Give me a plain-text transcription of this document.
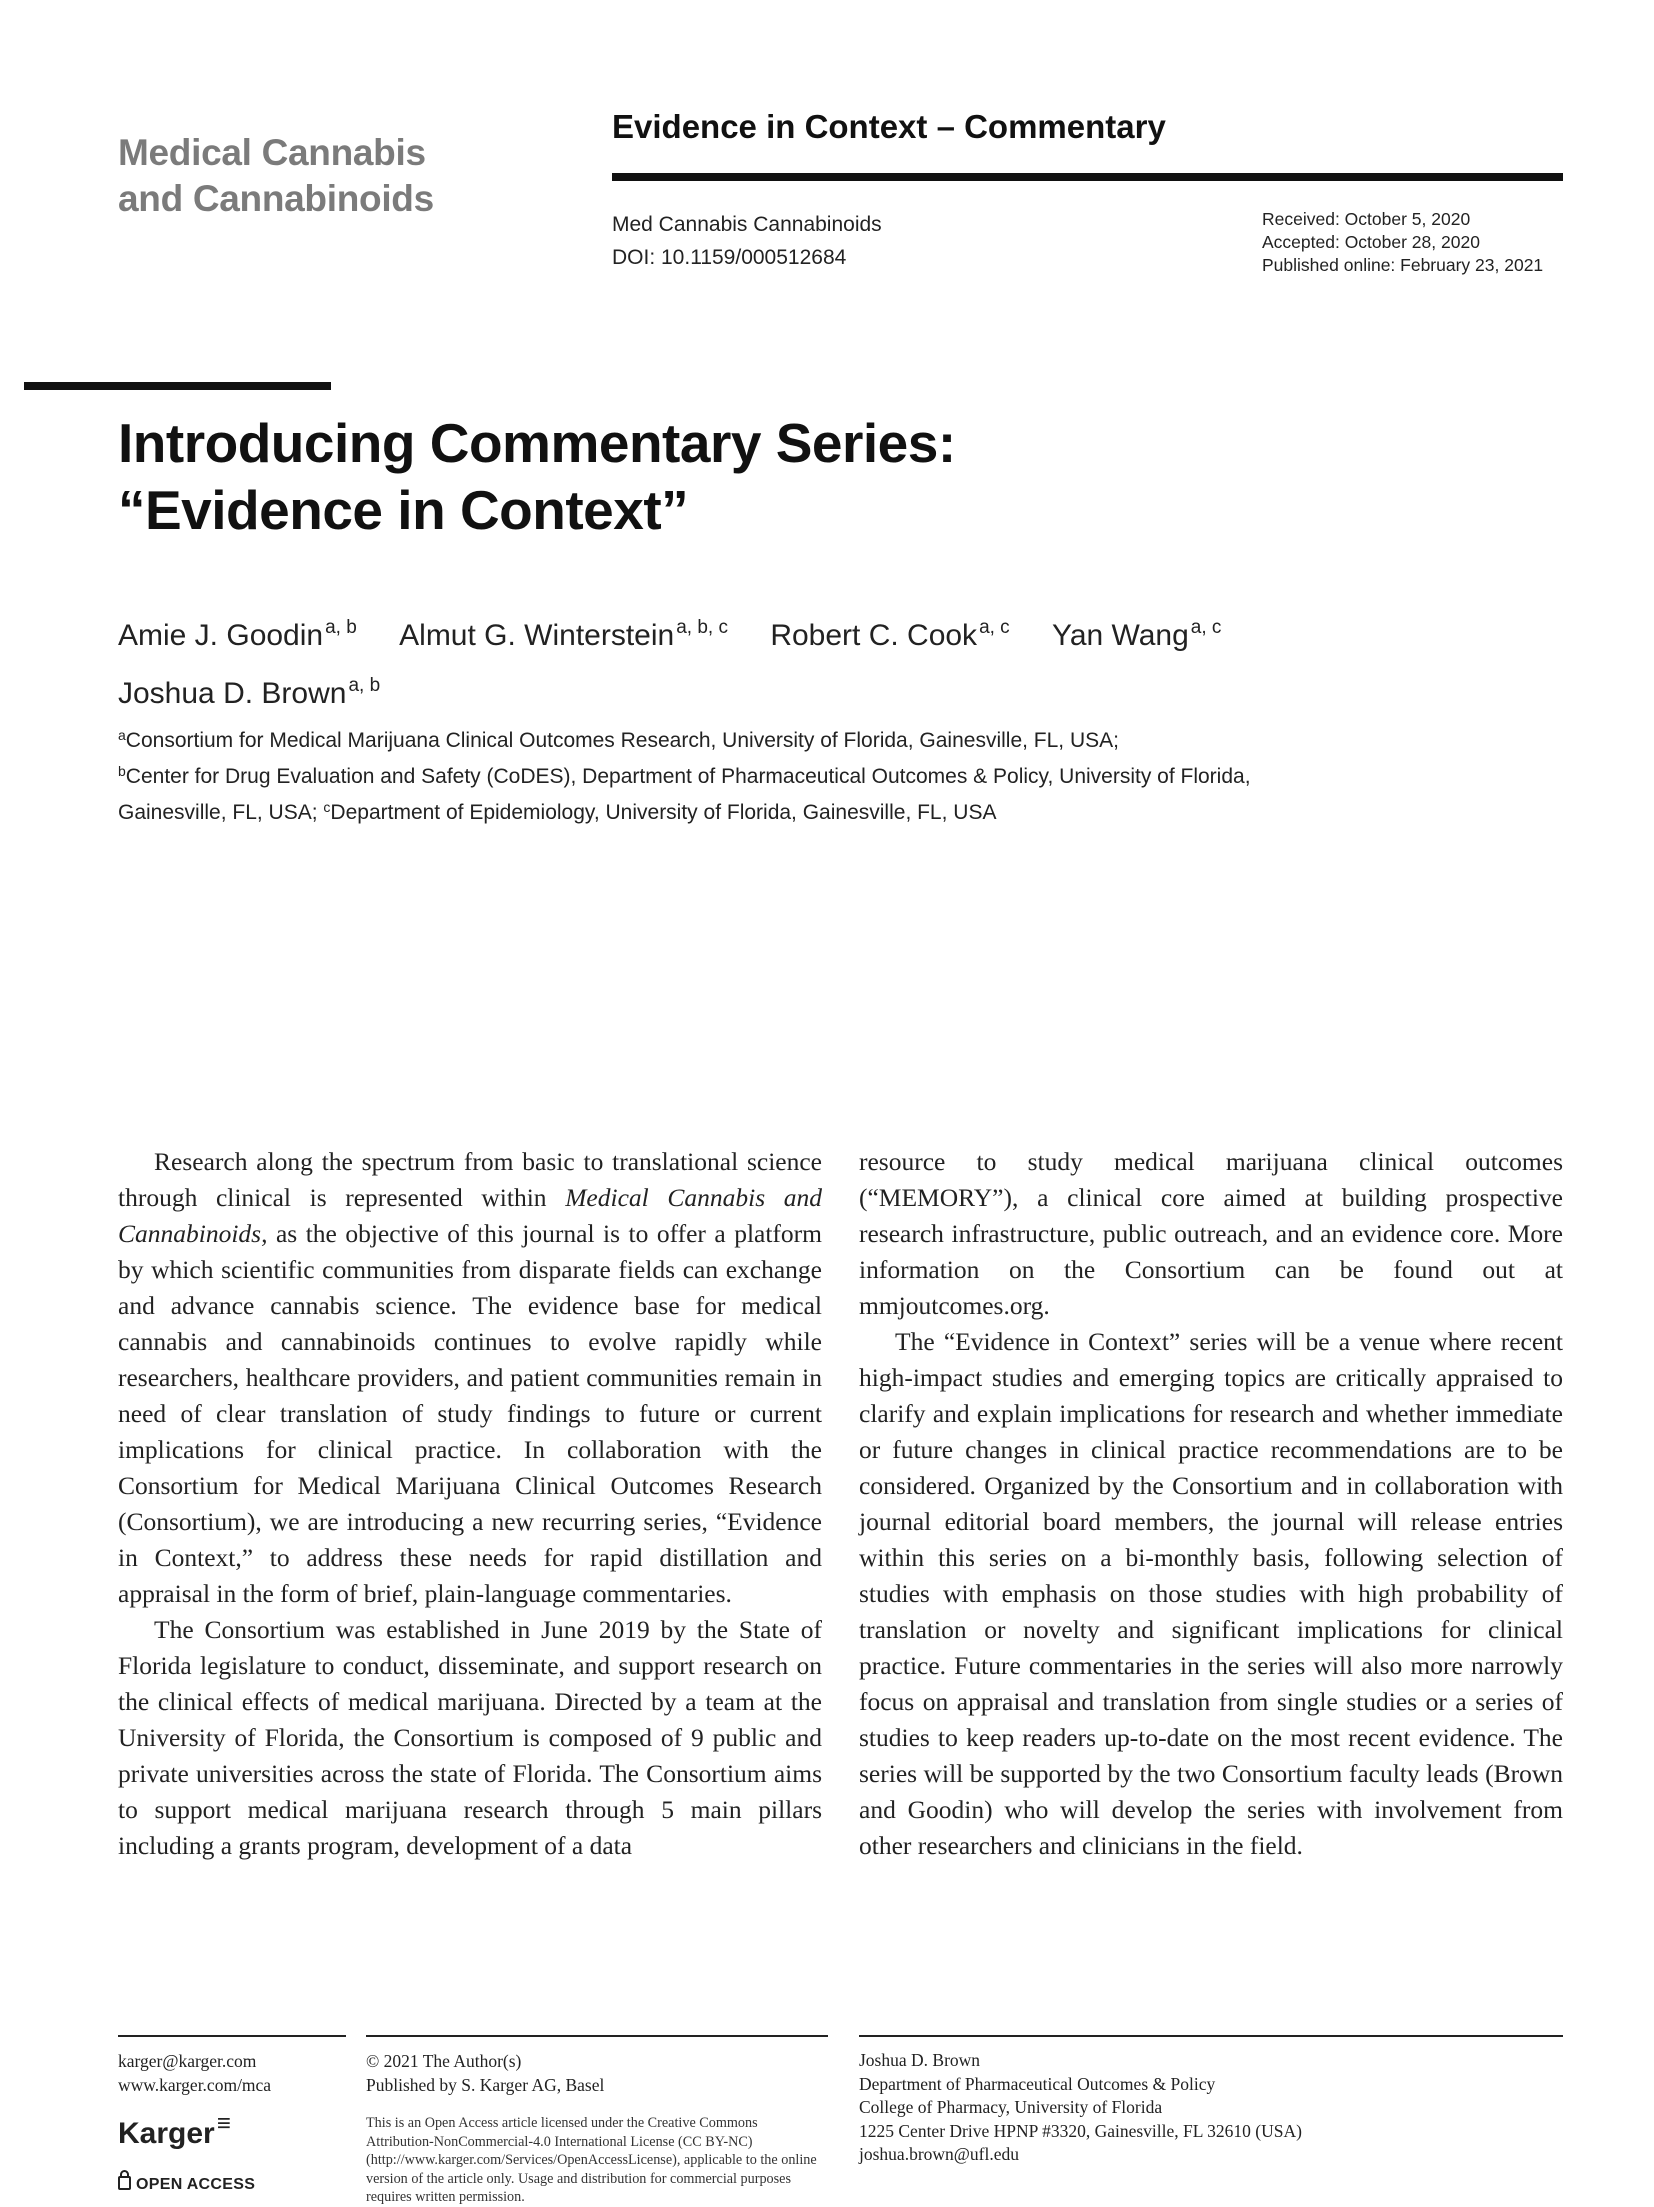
Medical Cannabis
and Cannabinoids
Evidence in Context – Commentary
Med Cannabis Cannabinoids
DOI: 10.1159/000512684
Received: October 5, 2020
Accepted: October 28, 2020
Published online: February 23, 2021
Introducing Commentary Series:
“Evidence in Context”
Amie J. Goodin $^{a, b}$ Almut G. Winterstein $^{a, b, c}$ Robert C. Cook $^{a, c}$ Yan Wang $^{a, c}$
Joshua D. Brown $^{a, b}$
$^a$Consortium for Medical Marijuana Clinical Outcomes Research, University of Florida, Gainesville, FL, USA;
$^b$Center for Drug Evaluation and Safety (CoDES), Department of Pharmaceutical Outcomes & Policy, University of Florida, Gainesville, FL, USA; $^c$Department of Epidemiology, University of Florida, Gainesville, FL, USA

Research along the spectrum from basic to translational science through clinical is represented within Medical Cannabis and Cannabinoids, as the objective of this journal is to offer a platform by which scientific communities from disparate fields can exchange and advance cannabis science. The evidence base for medical cannabis and cannabinoids continues to evolve rapidly while researchers, healthcare providers, and patient communities remain in need of clear translation of study findings to future or current implications for clinical practice. In collaboration with the Consortium for Medical Marijuana Clinical Outcomes Research (Consortium), we are introducing a new recurring series, “Evidence in Context,” to address these needs for rapid distillation and appraisal in the form of brief, plain-language commentaries.

The Consortium was established in June 2019 by the State of Florida legislature to conduct, disseminate, and support research on the clinical effects of medical marijuana. Directed by a team at the University of Florida, the Consortium is composed of 9 public and private universities across the state of Florida. The Consortium aims to support medical marijuana research through 5 main pillars including a grants program, development of a data

resource to study medical marijuana clinical outcomes (“MEMORY”), a clinical core aimed at building prospective research infrastructure, public outreach, and an evidence core. More information on the Consortium can be found out at mmjoutcomes.org.

The “Evidence in Context” series will be a venue where recent high-impact studies and emerging topics are critically appraised to clarify and explain implications for research and whether immediate or future changes in clinical practice recommendations are to be considered. Organized by the Consortium and in collaboration with journal editorial board members, the journal will release entries within this series on a bi-monthly basis, following selection of studies with emphasis on those studies with high probability of translation or novelty and significant implications for clinical practice. Future commentaries in the series will also more narrowly focus on appraisal and translation from single studies or a series of studies to keep readers up-to-date on the most recent evidence. The series will be supported by the two Consortium faculty leads (Brown and Goodin) who will develop the series with involvement from other researchers and clinicians in the field.

karger@karger.com
www.karger.com/mca
Karger≡
OPEN ACCESS
© 2021 The Author(s)
Published by S. Karger AG, Basel
This is an Open Access article licensed under the Creative Commons Attribution-NonCommercial-4.0 International License (CC BY-NC) (http://www.karger.com/Services/OpenAccessLicense), applicable to the online version of the article only. Usage and distribution for commercial purposes requires written permission.
Joshua D. Brown
Department of Pharmaceutical Outcomes & Policy
College of Pharmacy, University of Florida
1225 Center Drive HPNP #3320, Gainesville, FL 32610 (USA)
joshua.brown@ufl.edu
